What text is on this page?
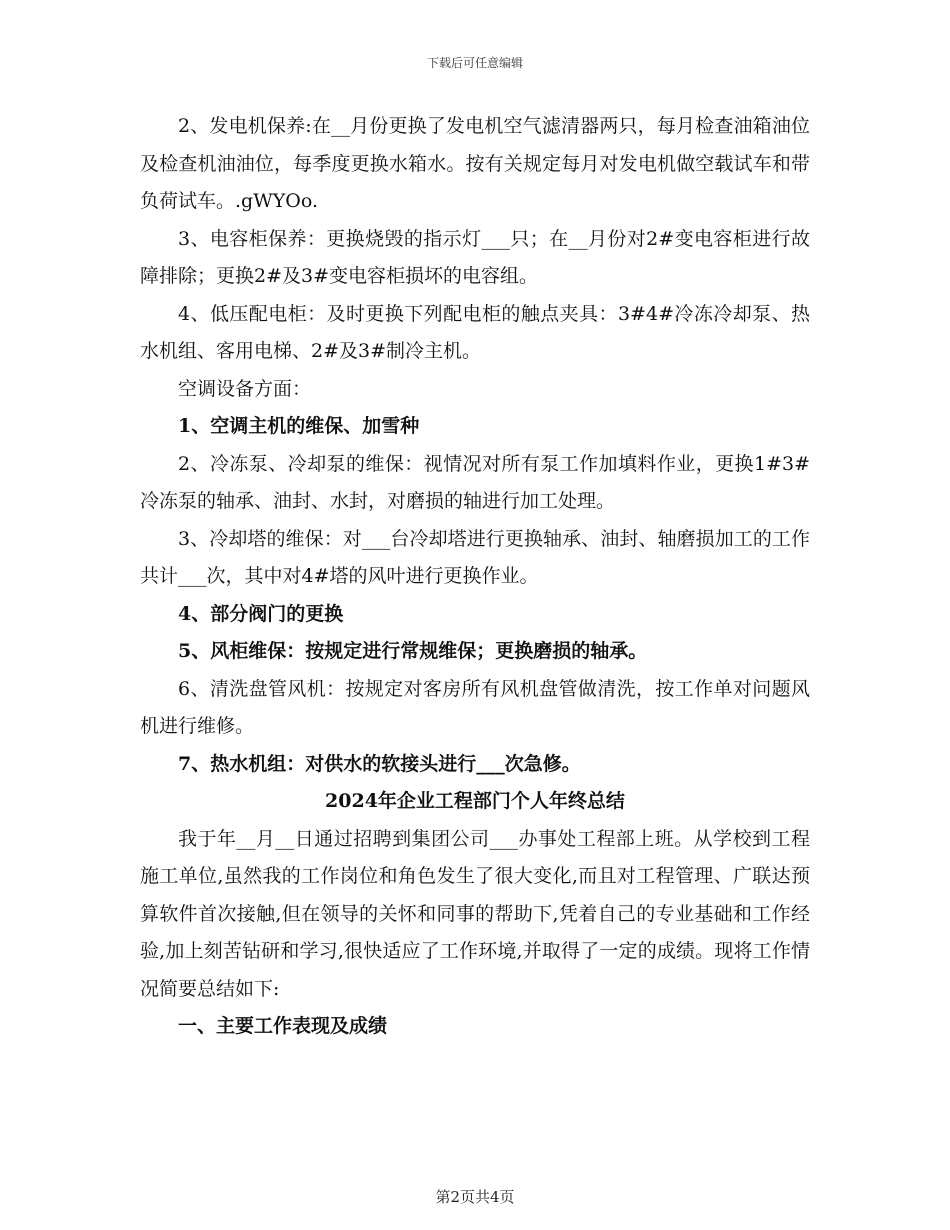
下载后可任意编辑

2、发电机保养:在__月份更换了发电机空气滤清器两只，每月检查油箱油位及检查机油油位，每季度更换水箱水。按有关规定每月对发电机做空载试车和带负荷试车。.gWYOo.

3、电容柜保养：更换烧毁的指示灯___只；在__月份对2#变电容柜进行故障排除；更换2#及3#变电容柜损坏的电容组。

4、低压配电柜：及时更换下列配电柜的触点夹具：3#4#冷冻冷却泵、热水机组、客用电梯、2#及3#制冷主机。

空调设备方面：

1、空调主机的维保、加雪种

2、冷冻泵、冷却泵的维保：视情况对所有泵工作加填料作业，更换1#3#冷冻泵的轴承、油封、水封，对磨损的轴进行加工处理。

3、冷却塔的维保：对___台冷却塔进行更换轴承、油封、轴磨损加工的工作共计___次，其中对4#塔的风叶进行更换作业。

4、部分阀门的更换

5、风柜维保：按规定进行常规维保；更换磨损的轴承。

6、清洗盘管风机：按规定对客房所有风机盘管做清洗，按工作单对问题风机进行维修。

7、热水机组：对供水的软接头进行___次急修。

2024年企业工程部门个人年终总结

我于年__月__日通过招聘到集团公司___办事处工程部上班。从学校到工程施工单位,虽然我的工作岗位和角色发生了很大变化,而且对工程管理、广联达预算软件首次接触,但在领导的关怀和同事的帮助下,凭着自己的专业基础和工作经验,加上刻苦钻研和学习,很快适应了工作环境,并取得了一定的成绩。现将工作情况简要总结如下:

一、主要工作表现及成绩

第2页共4页
